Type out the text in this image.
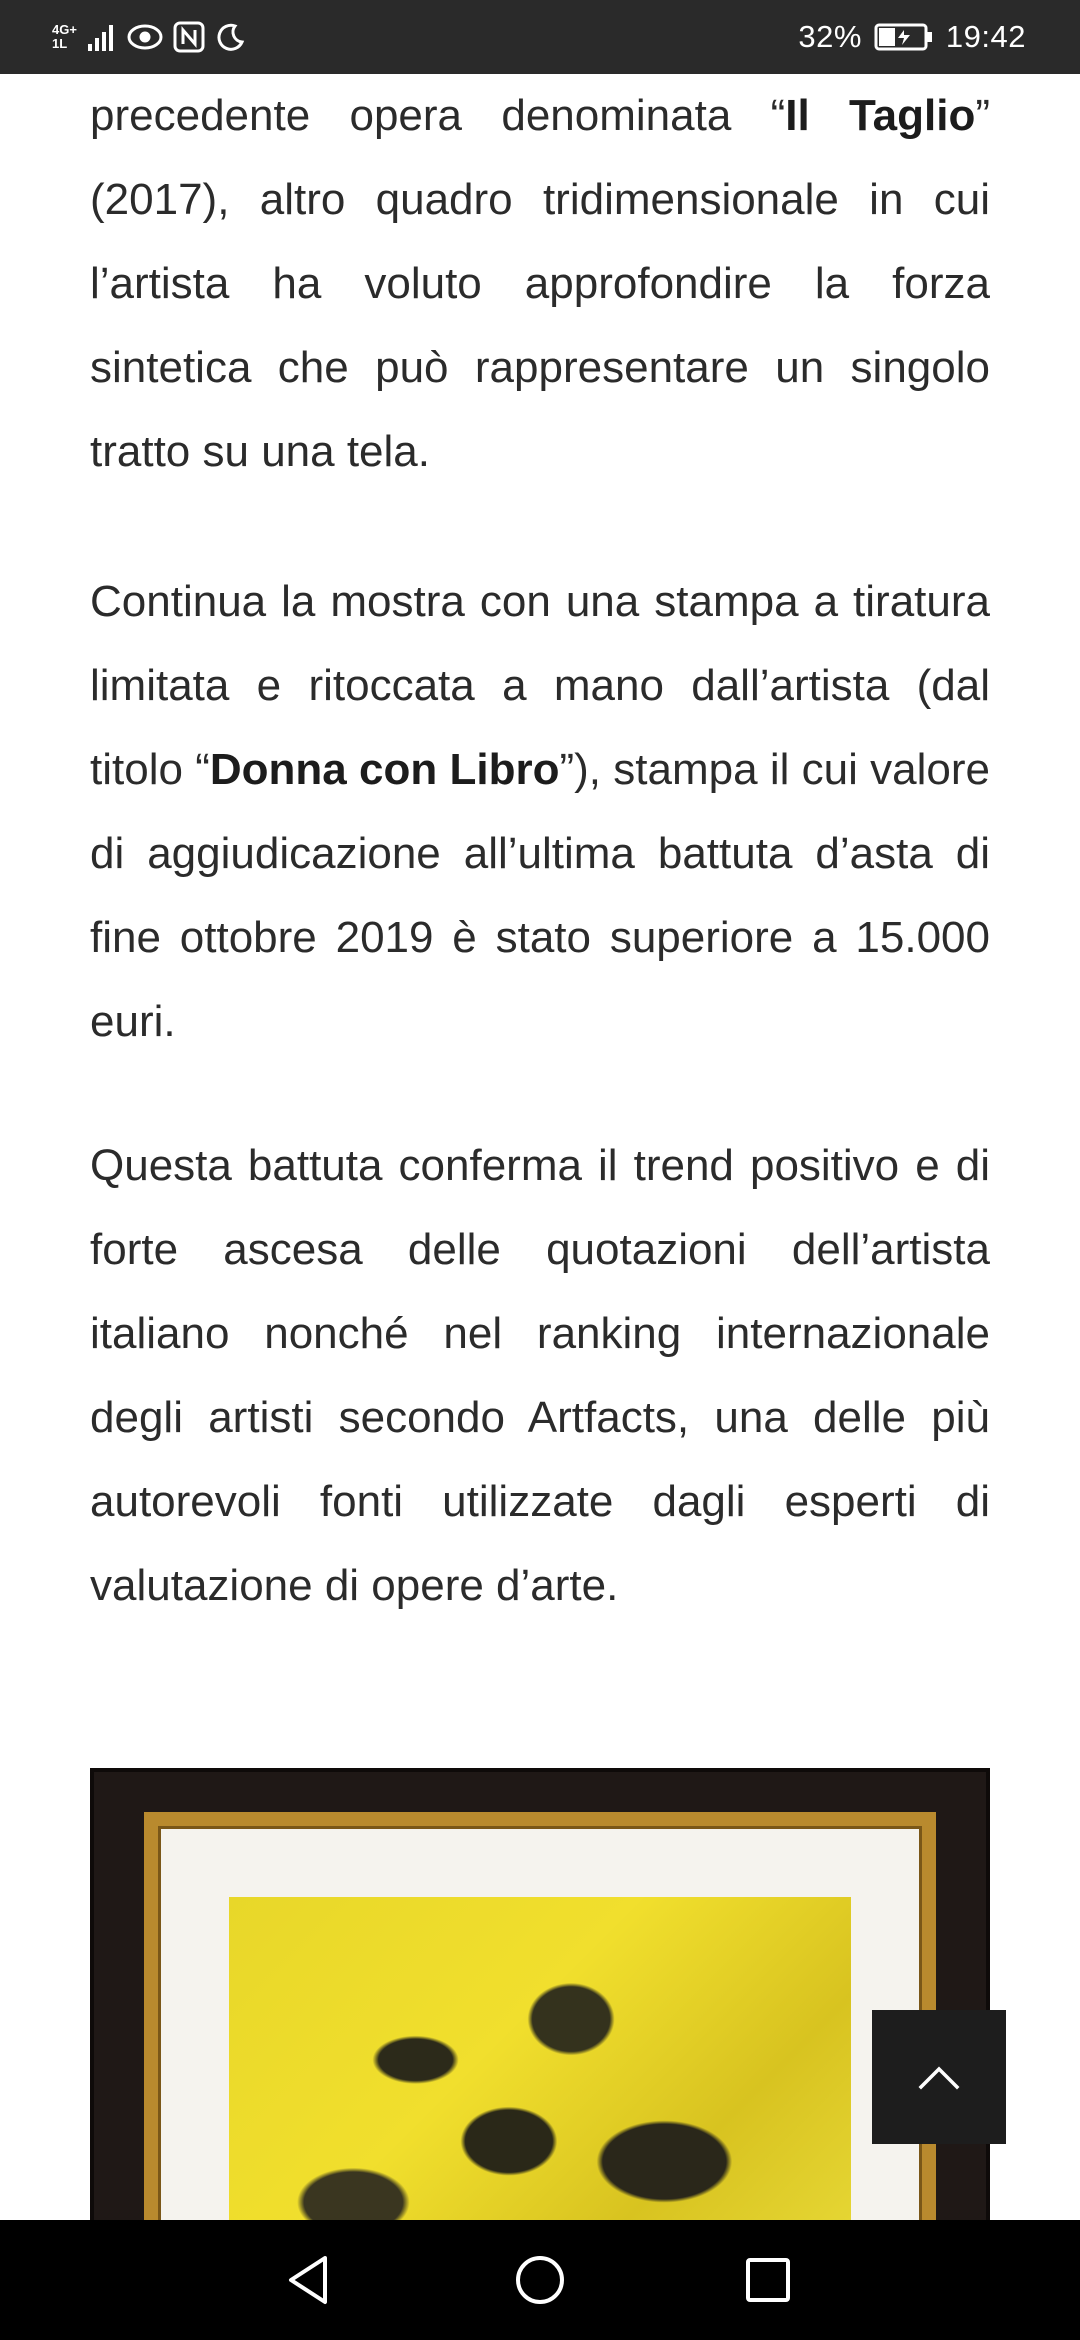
4G+
1L	32%	19:42

precedente opera denominata “Il Taglio” (2017), altro quadro tridimensionale in cui l’artista ha voluto approfondire la forza sintetica che può rappresentare un singolo tratto su una tela.

Continua la mostra con una stampa a tiratura limitata e ritoccata a mano dall’artista (dal titolo “Donna con Libro”), stampa il cui valore di aggiudicazione all’ultima battuta d’asta di fine ottobre 2019 è stato superiore a 15.000 euri.

Questa battuta conferma il trend positivo e di forte ascesa delle quotazioni dell’artista italiano nonché nel ranking internazionale degli artisti secondo Artfacts, una delle più autorevoli fonti utilizzate dagli esperti di valutazione di opere d’arte.
